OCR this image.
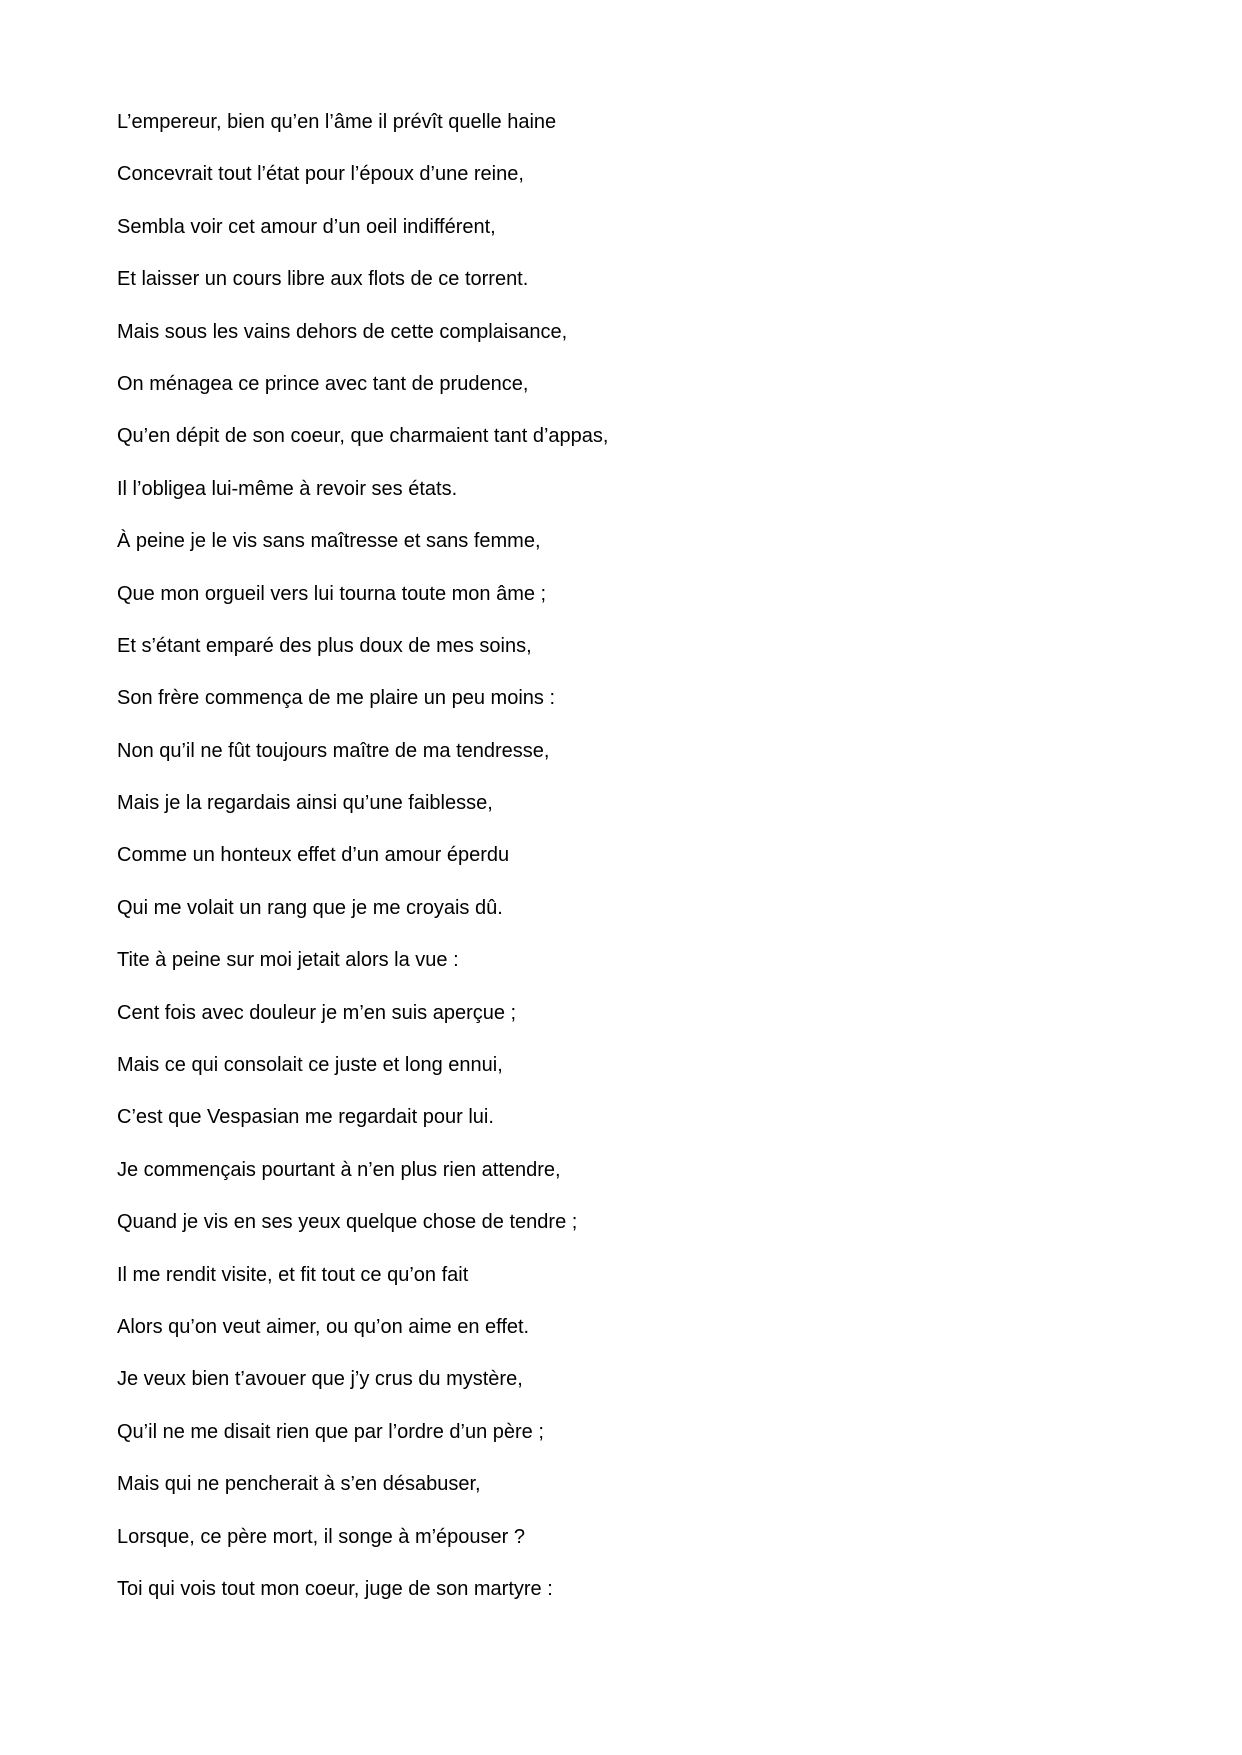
L’empereur, bien qu’en l’âme il prévît quelle haine
Concevrait tout l’état pour l’époux d’une reine,
Sembla voir cet amour d’un oeil indifférent,
Et laisser un cours libre aux flots de ce torrent.
Mais sous les vains dehors de cette complaisance,
On ménagea ce prince avec tant de prudence,
Qu’en dépit de son coeur, que charmaient tant d’appas,
Il l’obligea lui-même à revoir ses états.
À peine je le vis sans maîtresse et sans femme,
Que mon orgueil vers lui tourna toute mon âme ;
Et s’étant emparé des plus doux de mes soins,
Son frère commença de me plaire un peu moins :
Non qu’il ne fût toujours maître de ma tendresse,
Mais je la regardais ainsi qu’une faiblesse,
Comme un honteux effet d’un amour éperdu
Qui me volait un rang que je me croyais dû.
Tite à peine sur moi jetait alors la vue :
Cent fois avec douleur je m’en suis aperçue ;
Mais ce qui consolait ce juste et long ennui,
C’est que Vespasian me regardait pour lui.
Je commençais pourtant à n’en plus rien attendre,
Quand je vis en ses yeux quelque chose de tendre ;
Il me rendit visite, et fit tout ce qu’on fait
Alors qu’on veut aimer, ou qu’on aime en effet.
Je veux bien t’avouer que j’y crus du mystère,
Qu’il ne me disait rien que par l’ordre d’un père ;
Mais qui ne pencherait à s’en désabuser,
Lorsque, ce père mort, il songe à m’épouser ?
Toi qui vois tout mon coeur, juge de son martyre :
